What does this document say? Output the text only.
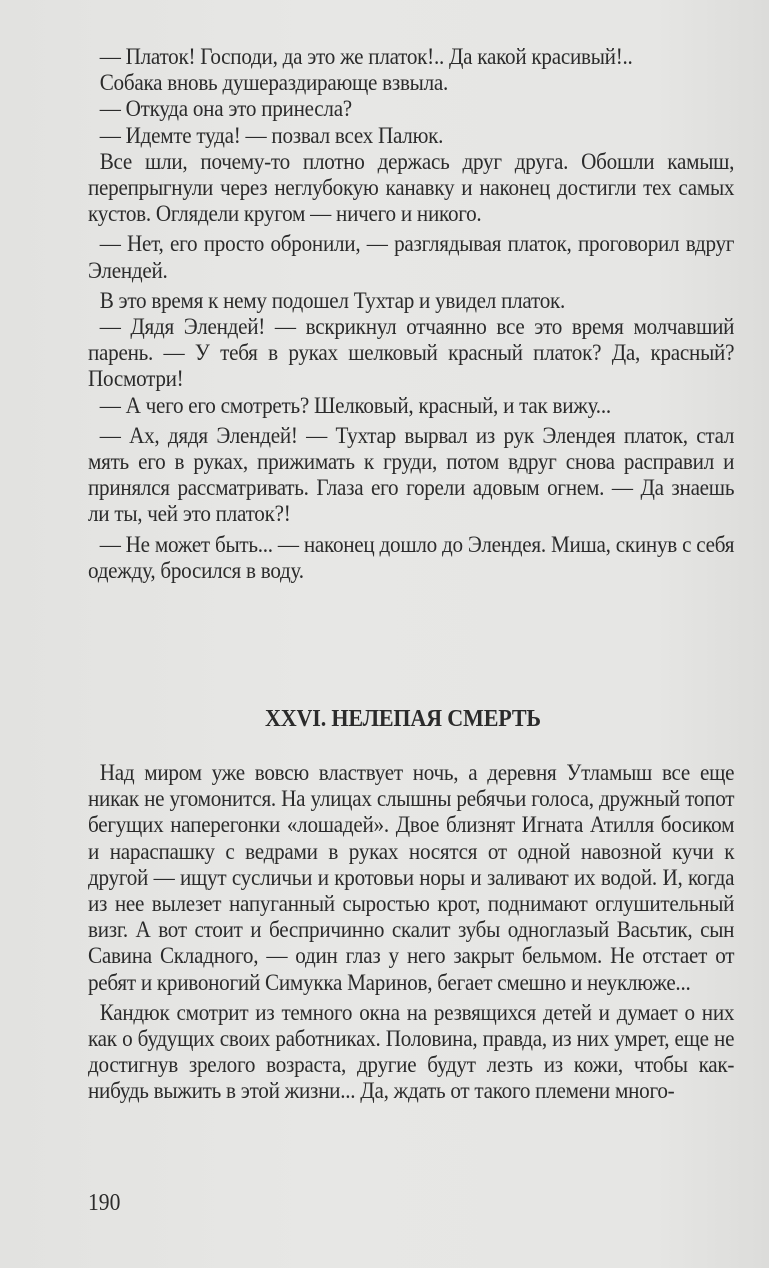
— Платок! Господи, да это же платок!.. Да какой красивый!..

Собака вновь душераздирающе взвыла.

— Откуда она это принесла?

— Идемте туда! — позвал всех Палюк.

Все шли, почему-то плотно держась друг друга. Обошли камыш, перепрыгнули через неглубокую канавку и наконец достигли тех самых кустов. Оглядели кругом — ничего и никого.

— Нет, его просто обронили, — разглядывая платок, проговорил вдруг Элендей.

В это время к нему подошел Тухтар и увидел платок.

— Дядя Элендей! — вскрикнул отчаянно все это время молчавший парень. — У тебя в руках шелковый красный платок? Да, красный? Посмотри!

— А чего его смотреть? Шелковый, красный, и так вижу...

— Ах, дядя Элендей! — Тухтар вырвал из рук Элендея платок, стал мять его в руках, прижимать к груди, потом вдруг снова расправил и принялся рассматривать. Глаза его горели адовым огнем. — Да знаешь ли ты, чей это платок?!

— Не может быть... — наконец дошло до Элендея. Миша, скинув с себя одежду, бросился в воду.

XXVI. НЕЛЕПАЯ СМЕРТЬ

Над миром уже вовсю властвует ночь, а деревня Утламыш все еще никак не угомонится. На улицах слышны ребячьи голоса, дружный топот бегущих наперегонки «лошадей». Двое близнят Игната Атилля босиком и нараспашку с ведрами в руках носятся от одной навозной кучи к другой — ищут сусличьи и кротовьи норы и заливают их водой. И, когда из нее вылезет напуганный сыростью крот, поднимают оглушительный визг. А вот стоит и беспричинно скалит зубы одноглазый Васьтик, сын Савина Складного, — один глаз у него закрыт бельмом. Не отстает от ребят и кривоногий Симукка Маринов, бегает смешно и неуклюже...

Кандюк смотрит из темного окна на резвящихся детей и думает о них как о будущих своих работниках. Половина, правда, из них умрет, еще не достигнув зрелого возраста, другие будут лезть из кожи, чтобы как-нибудь выжить в этой жизни... Да, ждать от такого племени много-

190
